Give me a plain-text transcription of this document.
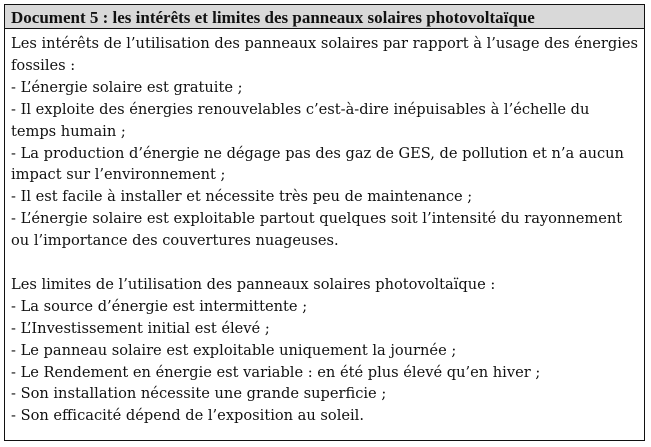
Document 5 : les intérêts et limites des panneaux solaires photovoltaïque
Les intérêts de l’utilisation des panneaux solaires par rapport à l’usage des énergies fossiles :
- L’énergie solaire est gratuite ;
- Il exploite des énergies renouvelables c’est-à-dire inépuisables à l’échelle du temps humain ;
- La production d’énergie ne dégage pas des gaz de GES, de pollution et n’a aucun impact sur l’environnement ;
- Il est facile à installer et nécessite très peu de maintenance ;
- L’énergie solaire est exploitable partout quelques soit l’intensité du rayonnement ou l’importance des couvertures nuageuses.
Les limites de l’utilisation des panneaux solaires photovoltaïque :
- La source d’énergie est intermittente ;
- L’Investissement initial est élevé ;
- Le panneau solaire est exploitable uniquement la journée ;
- Le Rendement en énergie est variable : en été plus élevé qu’en hiver ;
- Son installation nécessite une grande superficie ;
- Son efficacité dépend de l’exposition au soleil.
